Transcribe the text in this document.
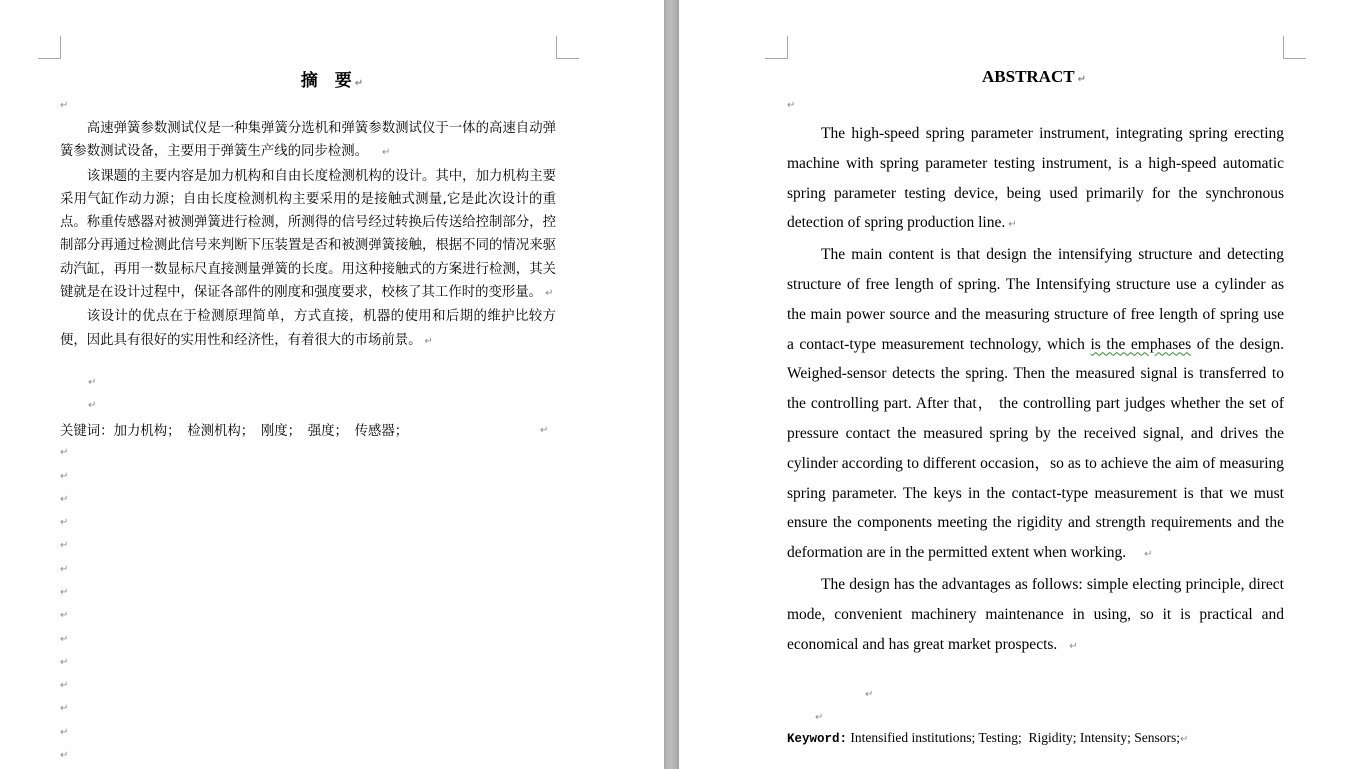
摘　要 ↵
↵

高速弹簧参数测试仪是一种集弹簧分选机和弹簧参数测试仪于一体的高速自动弹簧参数测试设备，主要用于弹簧生产线的同步检测。 ↵

该课题的主要内容是加力机构和自由长度检测机构的设计。其中，加力机构主要采用气缸作动力源；自由长度检测机构主要采用的是接触式测量,它是此次设计的重点。称重传感器对被测弹簧进行检测，所测得的信号经过转换后传送给控制部分，控制部分再通过检测此信号来判断下压装置是否和被测弹簧接触，根据不同的情况来驱动汽缸，再用一数显标尺直接测量弹簧的长度。用这种接触式的方案进行检测，其关键就是在设计过程中，保证各部件的刚度和强度要求，校核了其工作时的变形量。 ↵

该设计的优点在于检测原理简单，方式直接，机器的使用和后期的维护比较方便，因此具有很好的实用性和经济性，有着很大的市场前景。 ↵

↵
↵
关键词：加力机构；　检测机构；　刚度；　强度；　传感器；	↵
↵
↵
↵
↵
↵
↵
↵
↵
↵
↵
↵
↵
↵
↵
ABSTRACT ↵
↵

The high-speed spring parameter instrument, integrating spring erecting machine with spring parameter testing instrument, is a high-speed automatic spring parameter testing device, being used primarily for the synchronous detection of spring production line. ↵

The main content is that design the intensifying structure and detecting structure of free length of spring. The Intensifying structure use a cylinder as the main power source and the measuring structure of free length of spring use a contact-type measurement technology, which is the emphases of the design. Weighed-sensor detects the spring. Then the measured signal is transferred to the controlling part. After that， the controlling part judges whether the set of pressure contact the measured spring by the received signal, and drives the cylinder according to different occasion，so as to achieve the aim of measuring spring parameter. The keys in the contact-type measurement is that we must ensure the components meeting the rigidity and strength requirements and the deformation are in the permitted extent when working. ↵

The design has the advantages as follows: simple electing principle, direct mode, convenient machinery maintenance in using, so it is practical and economical and has great market prospects. ↵

↵
↵
Keyword: Intensified institutions; Testing;  Rigidity; Intensity; Sensors;↵
